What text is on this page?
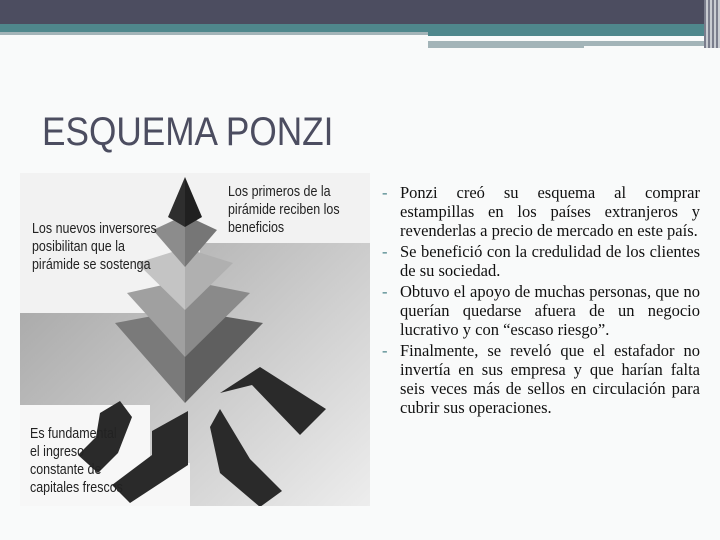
ESQUEMA PONZI
Los primeros de la pirámide reciben los beneficios
Los nuevos inversores posibilitan que la pirámide se sostenga
Es fundamental el ingreso constante de capitales frescos
- Ponzi creó su esquema al comprar estampillas en los países extranjeros y revenderlas a precio de mercado en este país.
- Se benefició con la credulidad de los clientes de su sociedad.
- Obtuvo el apoyo de muchas personas, que no querían quedarse afuera de un negocio lucrativo y con “escaso riesgo”.
- Finalmente, se reveló que el estafador no invertía en sus empresa y que harían falta seis veces más de sellos en circulación para cubrir sus operaciones.
